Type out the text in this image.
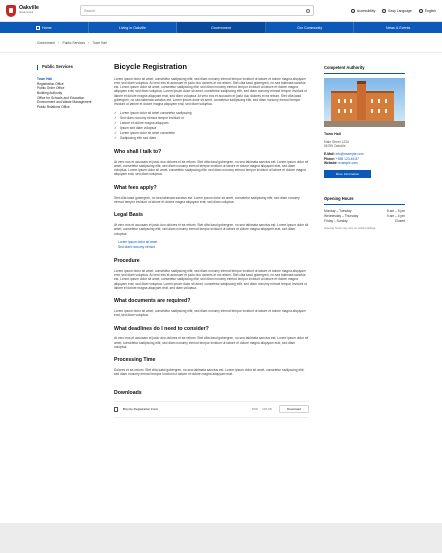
Oakville
Government
Search	Accessibility	Easy Language	English
Home	Living in Oakville	Government	Our Community	News & Events
Government › Public Services › Town Hall
Public Services
Town Hall
Registration Office
Public Order Office
Building Authority
Office for Schools and Education
Environment and Waste Management
Public Relations Office
Bicycle Registration

Lorem ipsum dolor sit amet, consetetur sadipscing elitr, sed diam nonumy eirmod tempor invidunt ut labore et dolore magna aliquyam erat, sed diam voluptua. At vero eos et accusam et justo duo dolores et ea rebum. Stet clita kasd gubergren, no sea takimata sanctus est. Lorem ipsum dolor sit amet, consetetur sadipscing elitr, sed diam nonumy eirmod tempor invidunt ut labore et dolore magna aliquyam erat, sed diam voluptua. Lorem ipsum dolor sit amet, consetetur sadipscing elitr, sed diam nonumy eirmod tempor invidunt ut labore et dolore magna aliquyam erat, sed diam voluptua. At vero eos et accusam et justo duo dolores et ea rebum. Stet clita kasd gubergren, no sea takimata sanctus est. Lorem ipsum dolor sit amet, consetetur sadipscing elitr, sed diam nonumy eirmod tempor invidunt ut labore et dolore magna aliquyam erat, sed diam voluptua.

✓ Lorem ipsum dolor sit amet consetetur sadipscing
✓ Sed diam nonumy eirmod tempor invidunt ut
✓ Labore et dolore magna aliquyam
✓ Ipsum sed diam voluptua
✓ Lorem ipsum dolor sit amet consetetur
✓ Sadipscing elitr sed diam
Who shall I talk to?

At vero eos et accusam et justo duo dolores et ea rebum. Stet clita kasd gubergren, no sea takimata sanctus est. Lorem ipsum dolor sit amet, consetetur sadipscing elitr, sed diam nonumy eirmod tempor invidunt ut labore et dolore magna aliquyam erat, sed diam voluptua. Lorem ipsum dolor sit amet, consetetur sadipscing elitr, sed diam nonumy eirmod tempor invidunt ut labore et dolore magna aliquyam erat, sed diam voluptua.

What fees apply?

Stet clita kasd gubergren, no sea takimata sanctus est. Lorem ipsum dolor sit amet, consetetur sadipscing elitr, sed diam nonumy eirmod tempor invidunt ut labore et dolore magna aliquyam erat, sed diam voluptua.

Legal Basis

At vero eos et accusam et justo duo dolores et ea rebum. Stet clita kasd gubergren, no sea takimata sanctus est. Lorem ipsum dolor sit amet, consetetur sadipscing elitr, sed diam nonumy eirmod tempor invidunt ut labore et dolore magna aliquyam erat, sed diam voluptua.

Lorem ipsum dolor sit amet
Sed diam nonumy eirmod
Procedure

Lorem ipsum dolor sit amet, consetetur sadipscing elitr, sed diam nonumy eirmod tempor invidunt ut labore et dolore magna aliquyam erat, sed diam voluptua. At vero eos et accusam et justo duo dolores et ea rebum. Stet clita kasd gubergren, no sea takimata sanctus est. Lorem ipsum dolor sit amet, consetetur sadipscing elitr, sed diam nonumy eirmod tempor invidunt ut labore et dolore magna aliquyam erat, sed diam voluptua. Lorem ipsum dolor sit amet, consetetur sadipscing elitr, sed diam nonumy eirmod tempor invidunt ut labore et dolore magna aliquyam erat, sed diam voluptua.

What documents are required?

Lorem ipsum dolor sit amet, consetetur sadipscing elitr, sed diam nonumy eirmod tempor invidunt ut labore et dolore magna aliquyam erat, sed diam voluptua.

What deadlines do I need to consider?

At vero eos et accusam et justo duo dolores et ea rebum. Stet clita kasd gubergren, no sea takimata sanctus est. Lorem ipsum dolor sit amet, consetetur sadipscing elitr, sed diam nonumy eirmod tempor invidunt ut labore et dolore magna aliquyam erat, sed diam voluptua.

Processing Time

Dolores et ea rebum. Stet clita kasd gubergren, no sea takimata sanctus est. Lorem ipsum dolor sit amet, consetetur sadipscing elitr, sed diam nonumy eirmod tempor invidunt ut labore et dolore magna aliquyam erat.

Downloads
Bicycle Registration Form	PDF	215 kB	Download
Competent Authority
Town Hall
Main Street 1234
56789 Oakville
E-Mail: info@example.com
Phone: +555 123-45-67
Website: example.com
More Information
Opening Hours
Monday – Tuesday	8 am – 5 pm
Wednesday – Thursday	9 am – 4 pm
Friday – Sunday	Closed
Opening hours may vary on public holidays.
